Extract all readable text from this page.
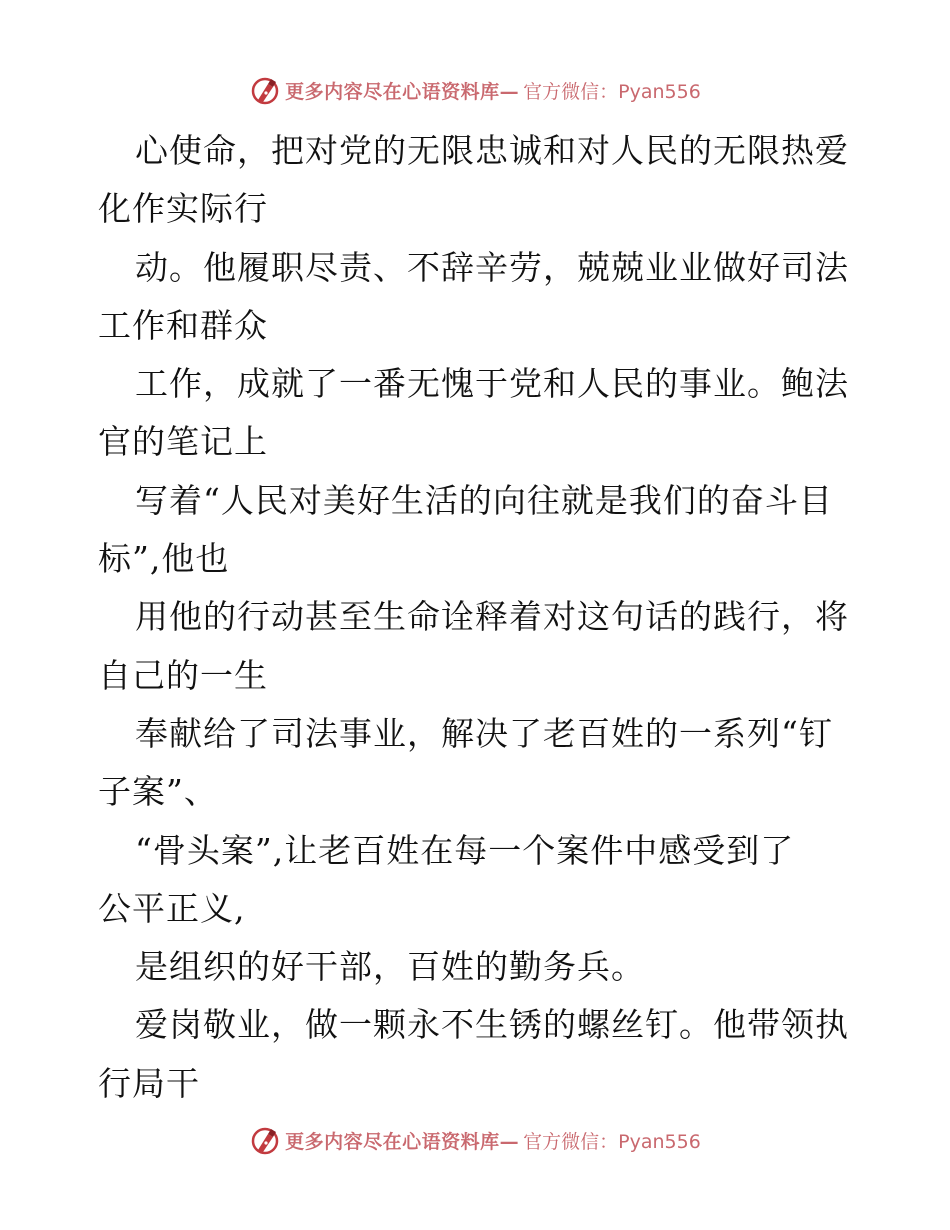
更多内容尽在心语资料库— 官方微信：Pyan556
心使命，把对党的无限忠诚和对人民的无限热爱
化作实际行
动。他履职尽责、不辞辛劳，兢兢业业做好司法
工作和群众
工作，成就了一番无愧于党和人民的事业。鲍法
官的笔记上
写着“人民对美好生活的向往就是我们的奋斗目
标”,他也
用他的行动甚至生命诠释着对这句话的践行，将
自己的一生
奉献给了司法事业，解决了老百姓的一系列“钉
子案”、
“骨头案”,让老百姓在每一个案件中感受到了
公平正义,
是组织的好干部，百姓的勤务兵。
爱岗敬业，做一颗永不生锈的螺丝钉。他带领执
行局干
更多内容尽在心语资料库— 官方微信：Pyan556
